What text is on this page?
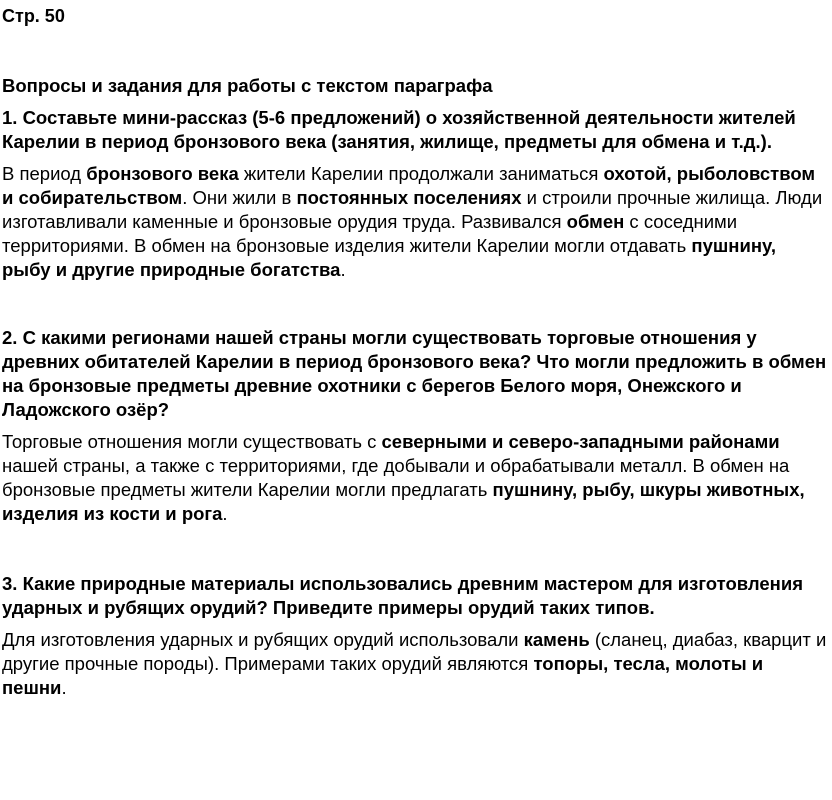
Стр. 50

Вопросы и задания для работы с текстом параграфа

1. Составьте мини-рассказ (5-6 предложений) о хозяйственной деятельности жителей Карелии в период бронзового века (занятия, жилище, предметы для обмена и т.д.).

В период бронзового века жители Карелии продолжали заниматься охотой, рыболовством и собирательством. Они жили в постоянных поселениях и строили прочные жилища. Люди изготавливали каменные и бронзовые орудия труда. Развивался обмен с соседними территориями. В обмен на бронзовые изделия жители Карелии могли отдавать пушнину, рыбу и другие природные богатства.

2. С какими регионами нашей страны могли существовать торговые отношения у древних обитателей Карелии в период бронзового века? Что могли предложить в обмен на бронзовые предметы древние охотники с берегов Белого моря, Онежского и Ладожского озёр?

Торговые отношения могли существовать с северными и северо-западными районами нашей страны, а также с территориями, где добывали и обрабатывали металл. В обмен на бронзовые предметы жители Карелии могли предлагать пушнину, рыбу, шкуры животных, изделия из кости и рога.

3. Какие природные материалы использовались древним мастером для изготовления ударных и рубящих орудий? Приведите примеры орудий таких типов.

Для изготовления ударных и рубящих орудий использовали камень (сланец, диабаз, кварцит и другие прочные породы). Примерами таких орудий являются топоры, тесла, молоты и пешни.
